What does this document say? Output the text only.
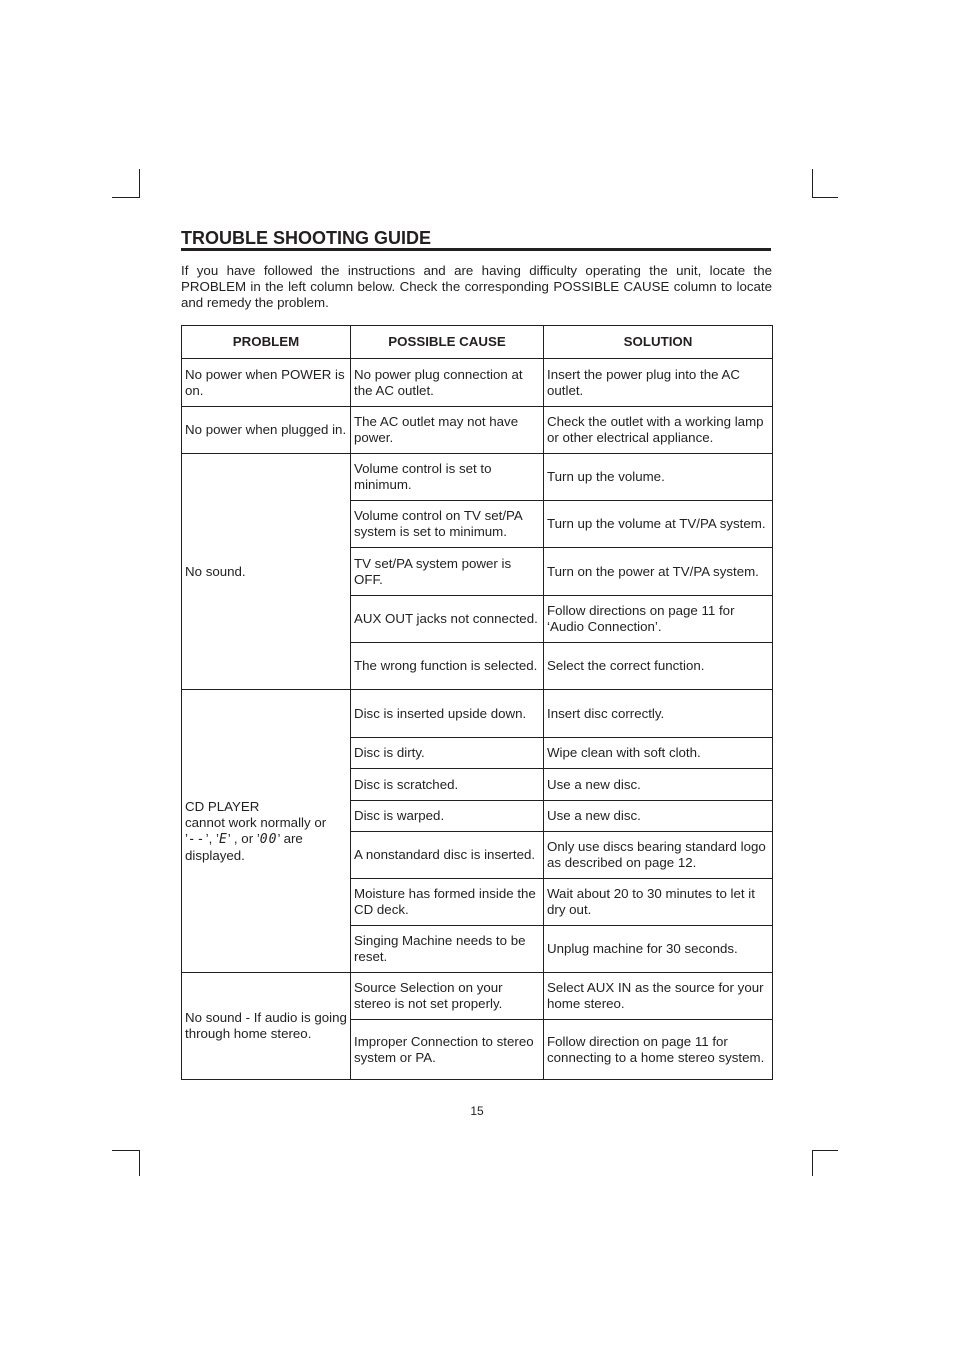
TROUBLE SHOOTING GUIDE

If you have followed the instructions and are having difficulty operating the unit, locate the PROBLEM in the left column below. Check the corresponding POSSIBLE CAUSE column to locate and remedy the problem.

PROBLEM	POSSIBLE CAUSE	SOLUTION
No power when POWER is on.	No power plug connection at the AC outlet.	Insert the power plug into the AC outlet.
No power when plugged in.	The AC outlet may not have power.	Check the outlet with a working lamp or other electrical appliance.
No sound.	Volume control is set to minimum.	Turn up the volume.
	Volume control on TV set/PA system is set to minimum.	Turn up the volume at TV/PA system.
	TV set/PA system power is OFF.	Turn on the power at TV/PA system.
	AUX OUT jacks not connected.	Follow directions on page 11 for ‘Audio Connection’.
	The wrong function is selected.	Select the correct function.

CD PLAYER
cannot work normally or
’--’, ’E’ , or ’00’ are
displayed.	Disc is inserted upside down.	Insert disc correctly.
	Disc is dirty.	Wipe clean with soft cloth.
	Disc is scratched.	Use a new disc.
	Disc is warped.	Use a new disc.
	A nonstandard disc is inserted.	Only use discs bearing standard logo as described on page 12.
	Moisture has formed inside the CD deck.	Wait about 20 to 30 minutes to let it dry out.
	Singing Machine needs to be reset.	Unplug machine for 30 seconds.
No sound - If audio is going through home stereo.	Source Selection on your stereo is not set properly.	Select AUX IN as the source for your home stereo.
	Improper Connection to stereo system or PA.	Follow direction on page 11 for connecting to a home stereo system.
15
